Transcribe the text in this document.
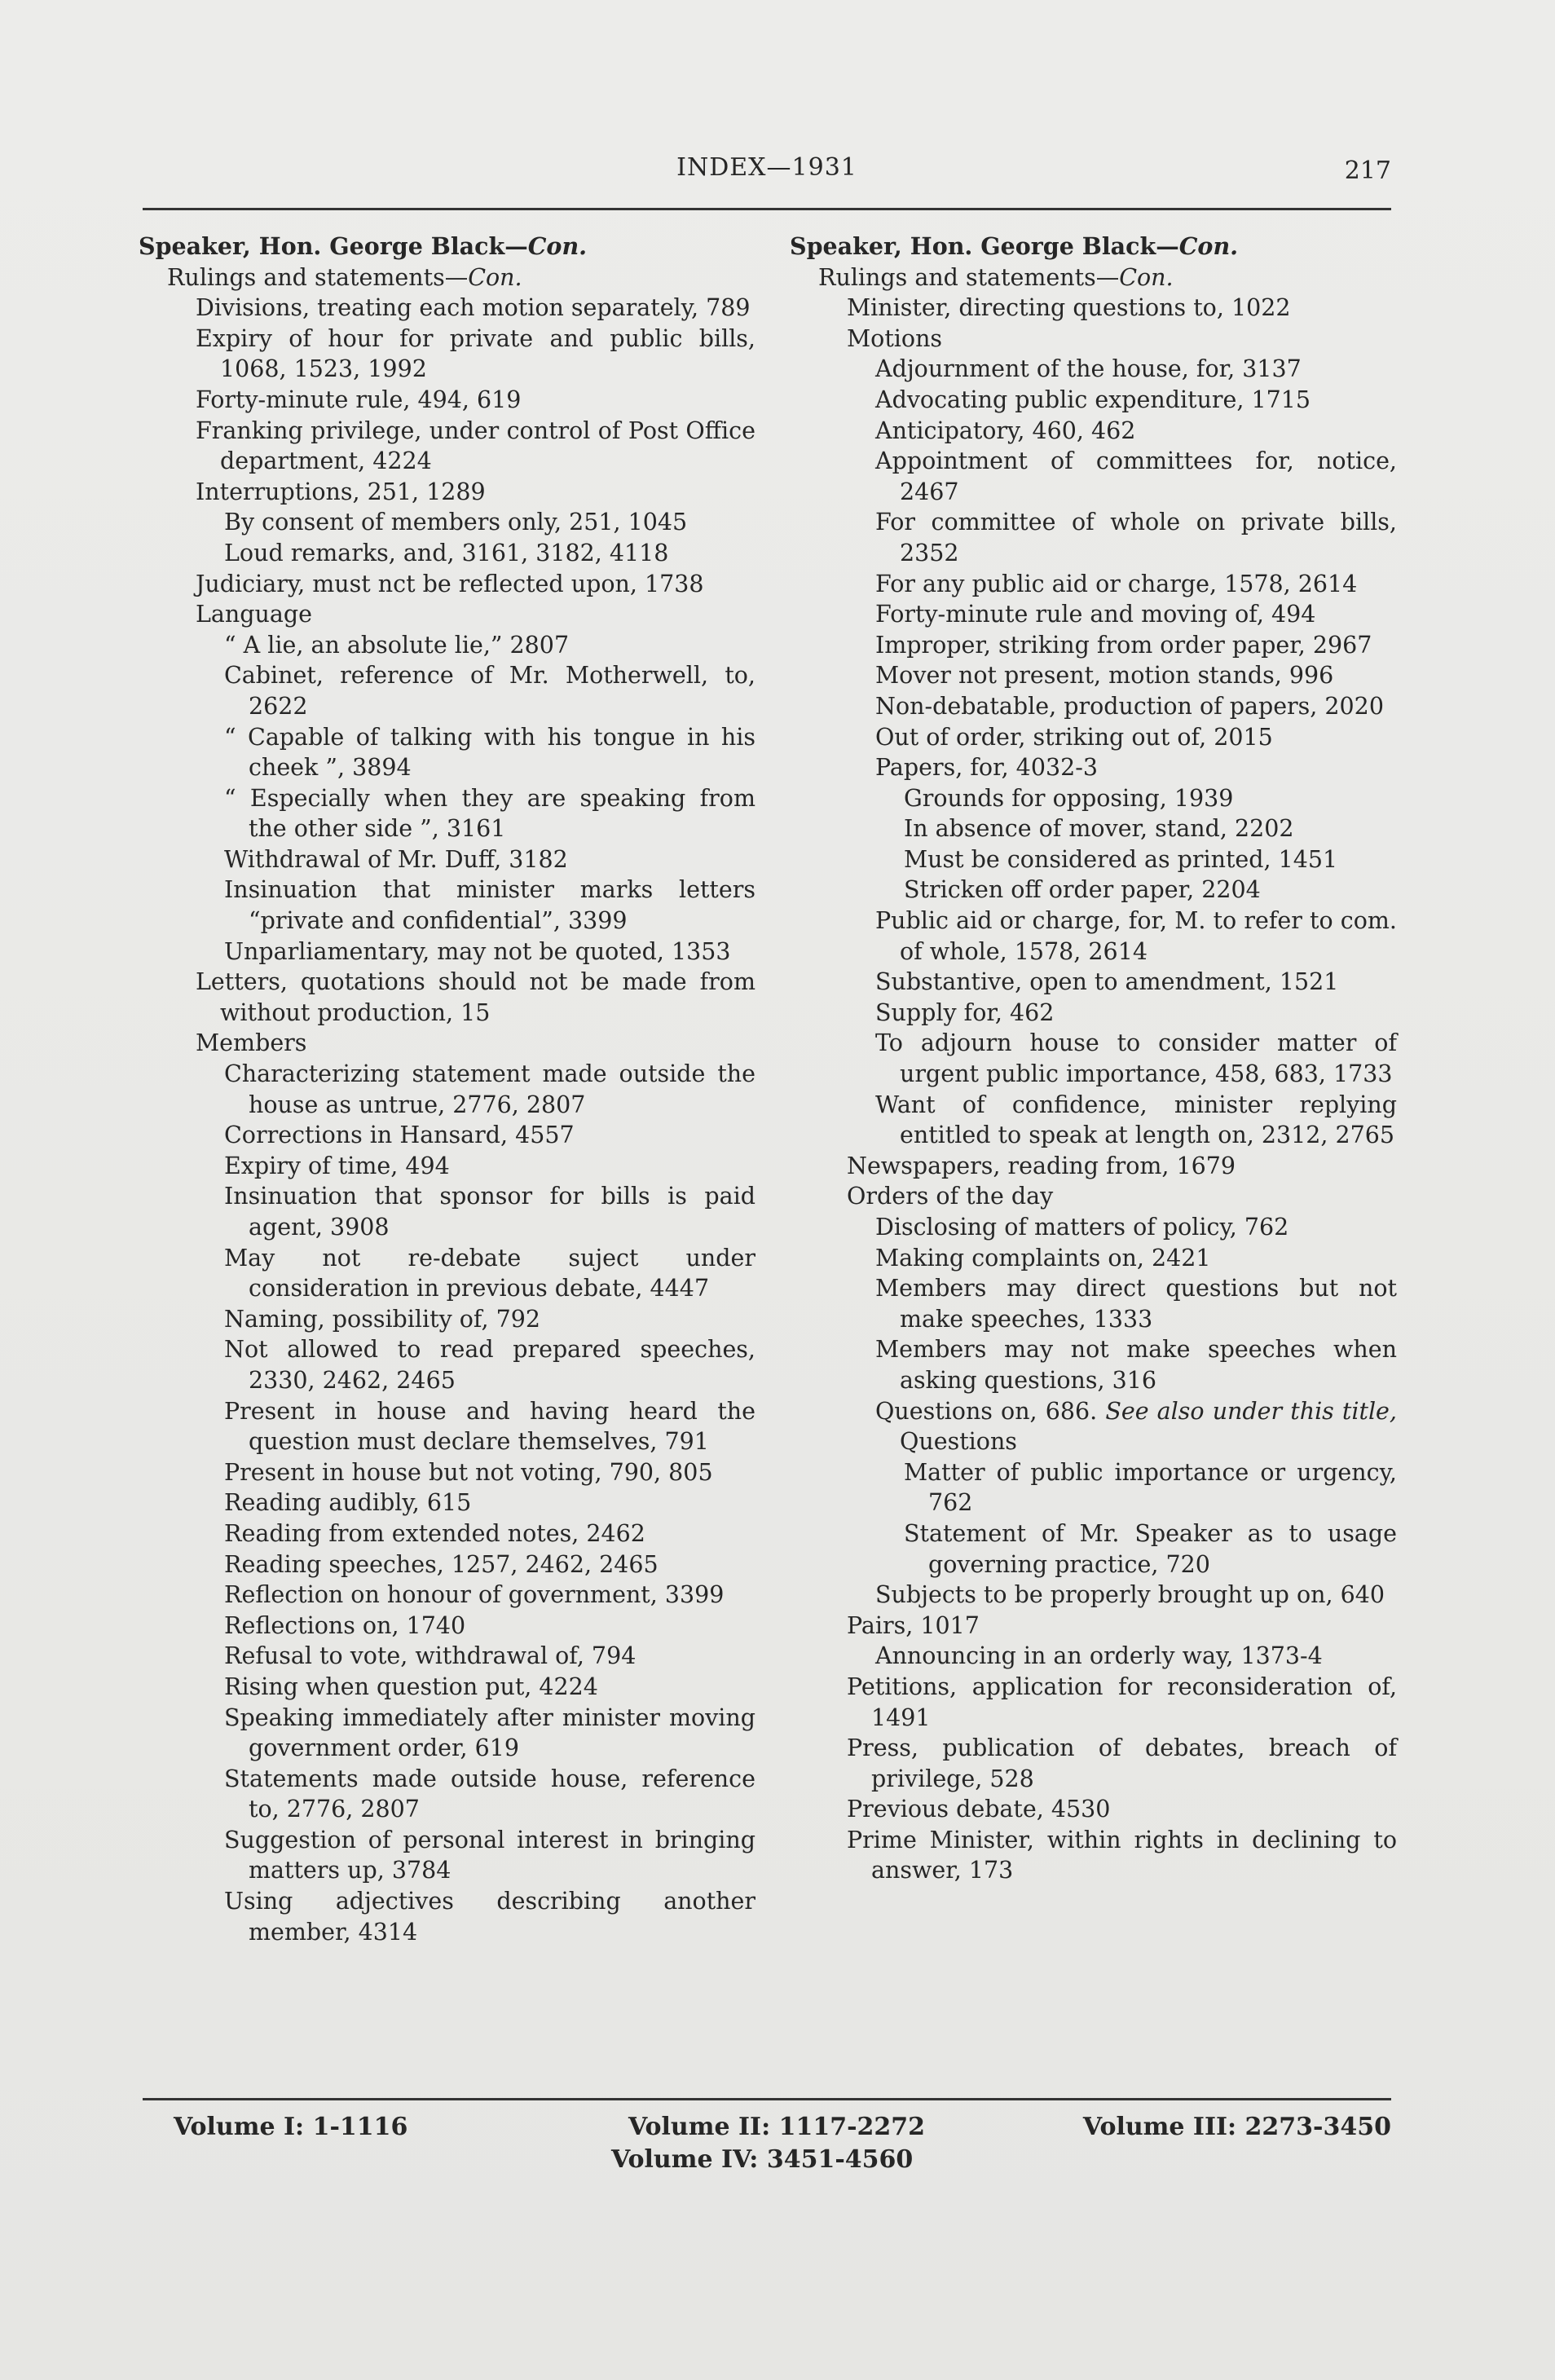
INDEX—1931	217
Speaker, Hon. George Black—Con.
Rulings and statements—Con.
Divisions, treating each motion separately, 789
Expiry of hour for private and public bills, 1068, 1523, 1992
Forty-minute rule, 494, 619
Franking privilege, under control of Post Office department, 4224
Interruptions, 251, 1289
By consent of members only, 251, 1045
Loud remarks, and, 3161, 3182, 4118
Judiciary, must nct be reflected upon, 1738
Language
“ A lie, an absolute lie,” 2807
Cabinet, reference of Mr. Motherwell, to, 2622
“ Capable of talking with his tongue in his cheek ”, 3894
“ Especially when they are speaking from the other side ”, 3161
Withdrawal of Mr. Duff, 3182
Insinuation that minister marks letters “private and confidential”, 3399
Unparliamentary, may not be quoted, 1353
Letters, quotations should not be made from without production, 15
Members
Characterizing statement made outside the house as untrue, 2776, 2807
Corrections in Hansard, 4557
Expiry of time, 494
Insinuation that sponsor for bills is paid agent, 3908
May not re-debate suject under consideration in previous debate, 4447
Naming, possibility of, 792
Not allowed to read prepared speeches, 2330, 2462, 2465
Present in house and having heard the question must declare themselves, 791
Present in house but not voting, 790, 805
Reading audibly, 615
Reading from extended notes, 2462
Reading speeches, 1257, 2462, 2465
Reflection on honour of government, 3399
Reflections on, 1740
Refusal to vote, withdrawal of, 794
Rising when question put, 4224
Speaking immediately after minister moving government order, 619
Statements made outside house, reference to, 2776, 2807
Suggestion of personal interest in bringing matters up, 3784
Using adjectives describing another member, 4314
Speaker, Hon. George Black—Con.
Rulings and statements—Con.
Minister, directing questions to, 1022
Motions
Adjournment of the house, for, 3137
Advocating public expenditure, 1715
Anticipatory, 460, 462
Appointment of committees for, notice, 2467
For committee of whole on private bills, 2352
For any public aid or charge, 1578, 2614
Forty-minute rule and moving of, 494
Improper, striking from order paper, 2967
Mover not present, motion stands, 996
Non-debatable, production of papers, 2020
Out of order, striking out of, 2015
Papers, for, 4032-3
Grounds for opposing, 1939
In absence of mover, stand, 2202
Must be considered as printed, 1451
Stricken off order paper, 2204
Public aid or charge, for, M. to refer to com. of whole, 1578, 2614
Substantive, open to amendment, 1521
Supply for, 462
To adjourn house to consider matter of urgent public importance, 458, 683, 1733
Want of confidence, minister replying entitled to speak at length on, 2312, 2765
Newspapers, reading from, 1679
Orders of the day
Disclosing of matters of policy, 762
Making complaints on, 2421
Members may direct questions but not make speeches, 1333
Members may not make speeches when asking questions, 316
Questions on, 686. See also under this title, Questions
Matter of public importance or urgency, 762
Statement of Mr. Speaker as to usage governing practice, 720
Subjects to be properly brought up on, 640
Pairs, 1017
Announcing in an orderly way, 1373-4
Petitions, application for reconsideration of, 1491
Press, publication of debates, breach of privilege, 528
Previous debate, 4530
Prime Minister, within rights in declining to answer, 173
Volume I: 1-1116	Volume II: 1117-2272
Volume IV: 3451-4560
Volume III: 2273-3450
